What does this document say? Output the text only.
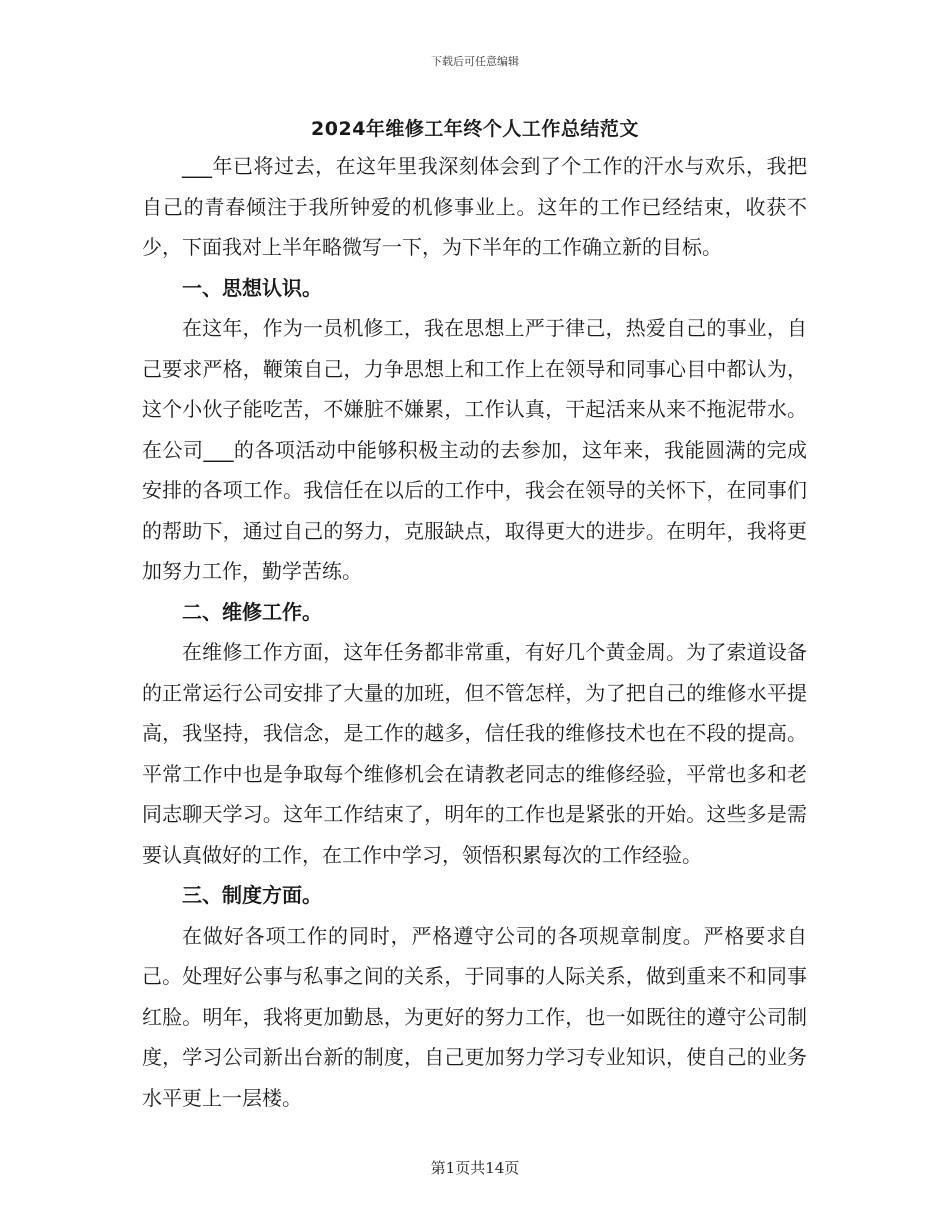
下载后可任意编辑
2024年维修工年终个人工作总结范文

___年已将过去，在这年里我深刻体会到了个工作的汗水与欢乐，我把自己的青春倾注于我所钟爱的机修事业上。这年的工作已经结束，收获不少，下面我对上半年略微写一下，为下半年的工作确立新的目标。

一、思想认识。

在这年，作为一员机修工，我在思想上严于律己，热爱自己的事业，自己要求严格，鞭策自己，力争思想上和工作上在领导和同事心目中都认为，这个小伙子能吃苦，不嫌脏不嫌累，工作认真，干起活来从来不拖泥带水。在公司___的各项活动中能够积极主动的去参加，这年来，我能圆满的完成安排的各项工作。我信任在以后的工作中，我会在领导的关怀下，在同事们的帮助下，通过自己的努力，克服缺点，取得更大的进步。在明年，我将更加努力工作，勤学苦练。

二、维修工作。

在维修工作方面，这年任务都非常重，有好几个黄金周。为了索道设备的正常运行公司安排了大量的加班，但不管怎样，为了把自己的维修水平提高，我坚持，我信念，是工作的越多，信任我的维修技术也在不段的提高。平常工作中也是争取每个维修机会在请教老同志的维修经验，平常也多和老同志聊天学习。这年工作结束了，明年的工作也是紧张的开始。这些多是需要认真做好的工作，在工作中学习，领悟积累每次的工作经验。

三、制度方面。

在做好各项工作的同时，严格遵守公司的各项规章制度。严格要求自己。处理好公事与私事之间的关系，于同事的人际关系，做到重来不和同事红脸。明年，我将更加勤恳，为更好的努力工作，也一如既往的遵守公司制度，学习公司新出台新的制度，自己更加努力学习专业知识，使自己的业务水平更上一层楼。

第1页共14页
